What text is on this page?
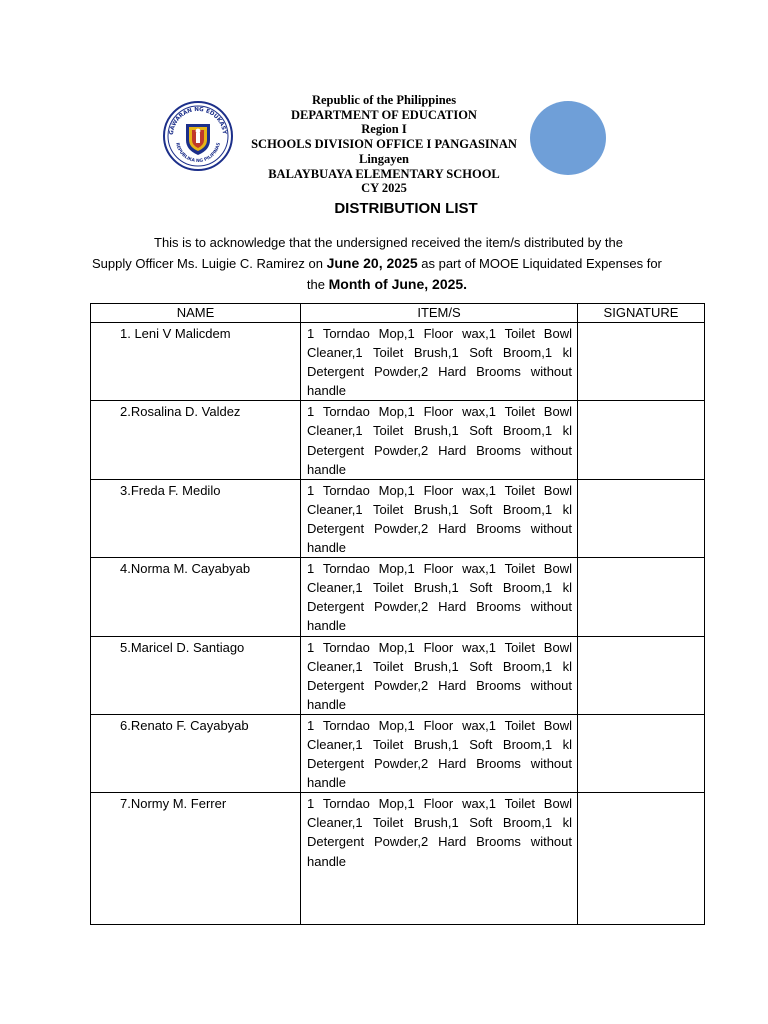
GAWARAN NG EDUKASY
REPUBLIKA NG PILIPINAS
Republic of the Philippines
DEPARTMENT OF EDUCATION
Region I
SCHOOLS DIVISION OFFICE I PANGASINAN
Lingayen
BALAYBUAYA ELEMENTARY SCHOOL
CY 2025
DISTRIBUTION LIST

This is to acknowledge that the undersigned received the item/s distributed by the

Supply Officer Ms. Luigie C. Ramirez on June 20, 2025 as part of MOOE Liquidated Expenses for

the Month of June, 2025.

NAME	ITEM/S	SIGNATURE
1. Leni V Malicdem	1 Torndao Mop,1 Floor wax,1 Toilet Bowl Cleaner,1 Toilet Brush,1 Soft Broom,1 kl Detergent Powder,2 Hard Brooms without handle	
2.Rosalina D. Valdez	1 Torndao Mop,1 Floor wax,1 Toilet Bowl Cleaner,1 Toilet Brush,1 Soft Broom,1 kl Detergent Powder,2 Hard Brooms without handle	
3.Freda F. Medilo	1 Torndao Mop,1 Floor wax,1 Toilet Bowl Cleaner,1 Toilet Brush,1 Soft Broom,1 kl Detergent Powder,2 Hard Brooms without handle	
4.Norma M. Cayabyab	1 Torndao Mop,1 Floor wax,1 Toilet Bowl Cleaner,1 Toilet Brush,1 Soft Broom,1 kl Detergent Powder,2 Hard Brooms without handle	
5.Maricel D. Santiago	1 Torndao Mop,1 Floor wax,1 Toilet Bowl Cleaner,1 Toilet Brush,1 Soft Broom,1 kl Detergent Powder,2 Hard Brooms without handle	
6.Renato F. Cayabyab	1 Torndao Mop,1 Floor wax,1 Toilet Bowl Cleaner,1 Toilet Brush,1 Soft Broom,1 kl Detergent Powder,2 Hard Brooms without handle	
7.Normy M. Ferrer	1 Torndao Mop,1 Floor wax,1 Toilet Bowl Cleaner,1 Toilet Brush,1 Soft Broom,1 kl Detergent Powder,2 Hard Brooms without handle	
